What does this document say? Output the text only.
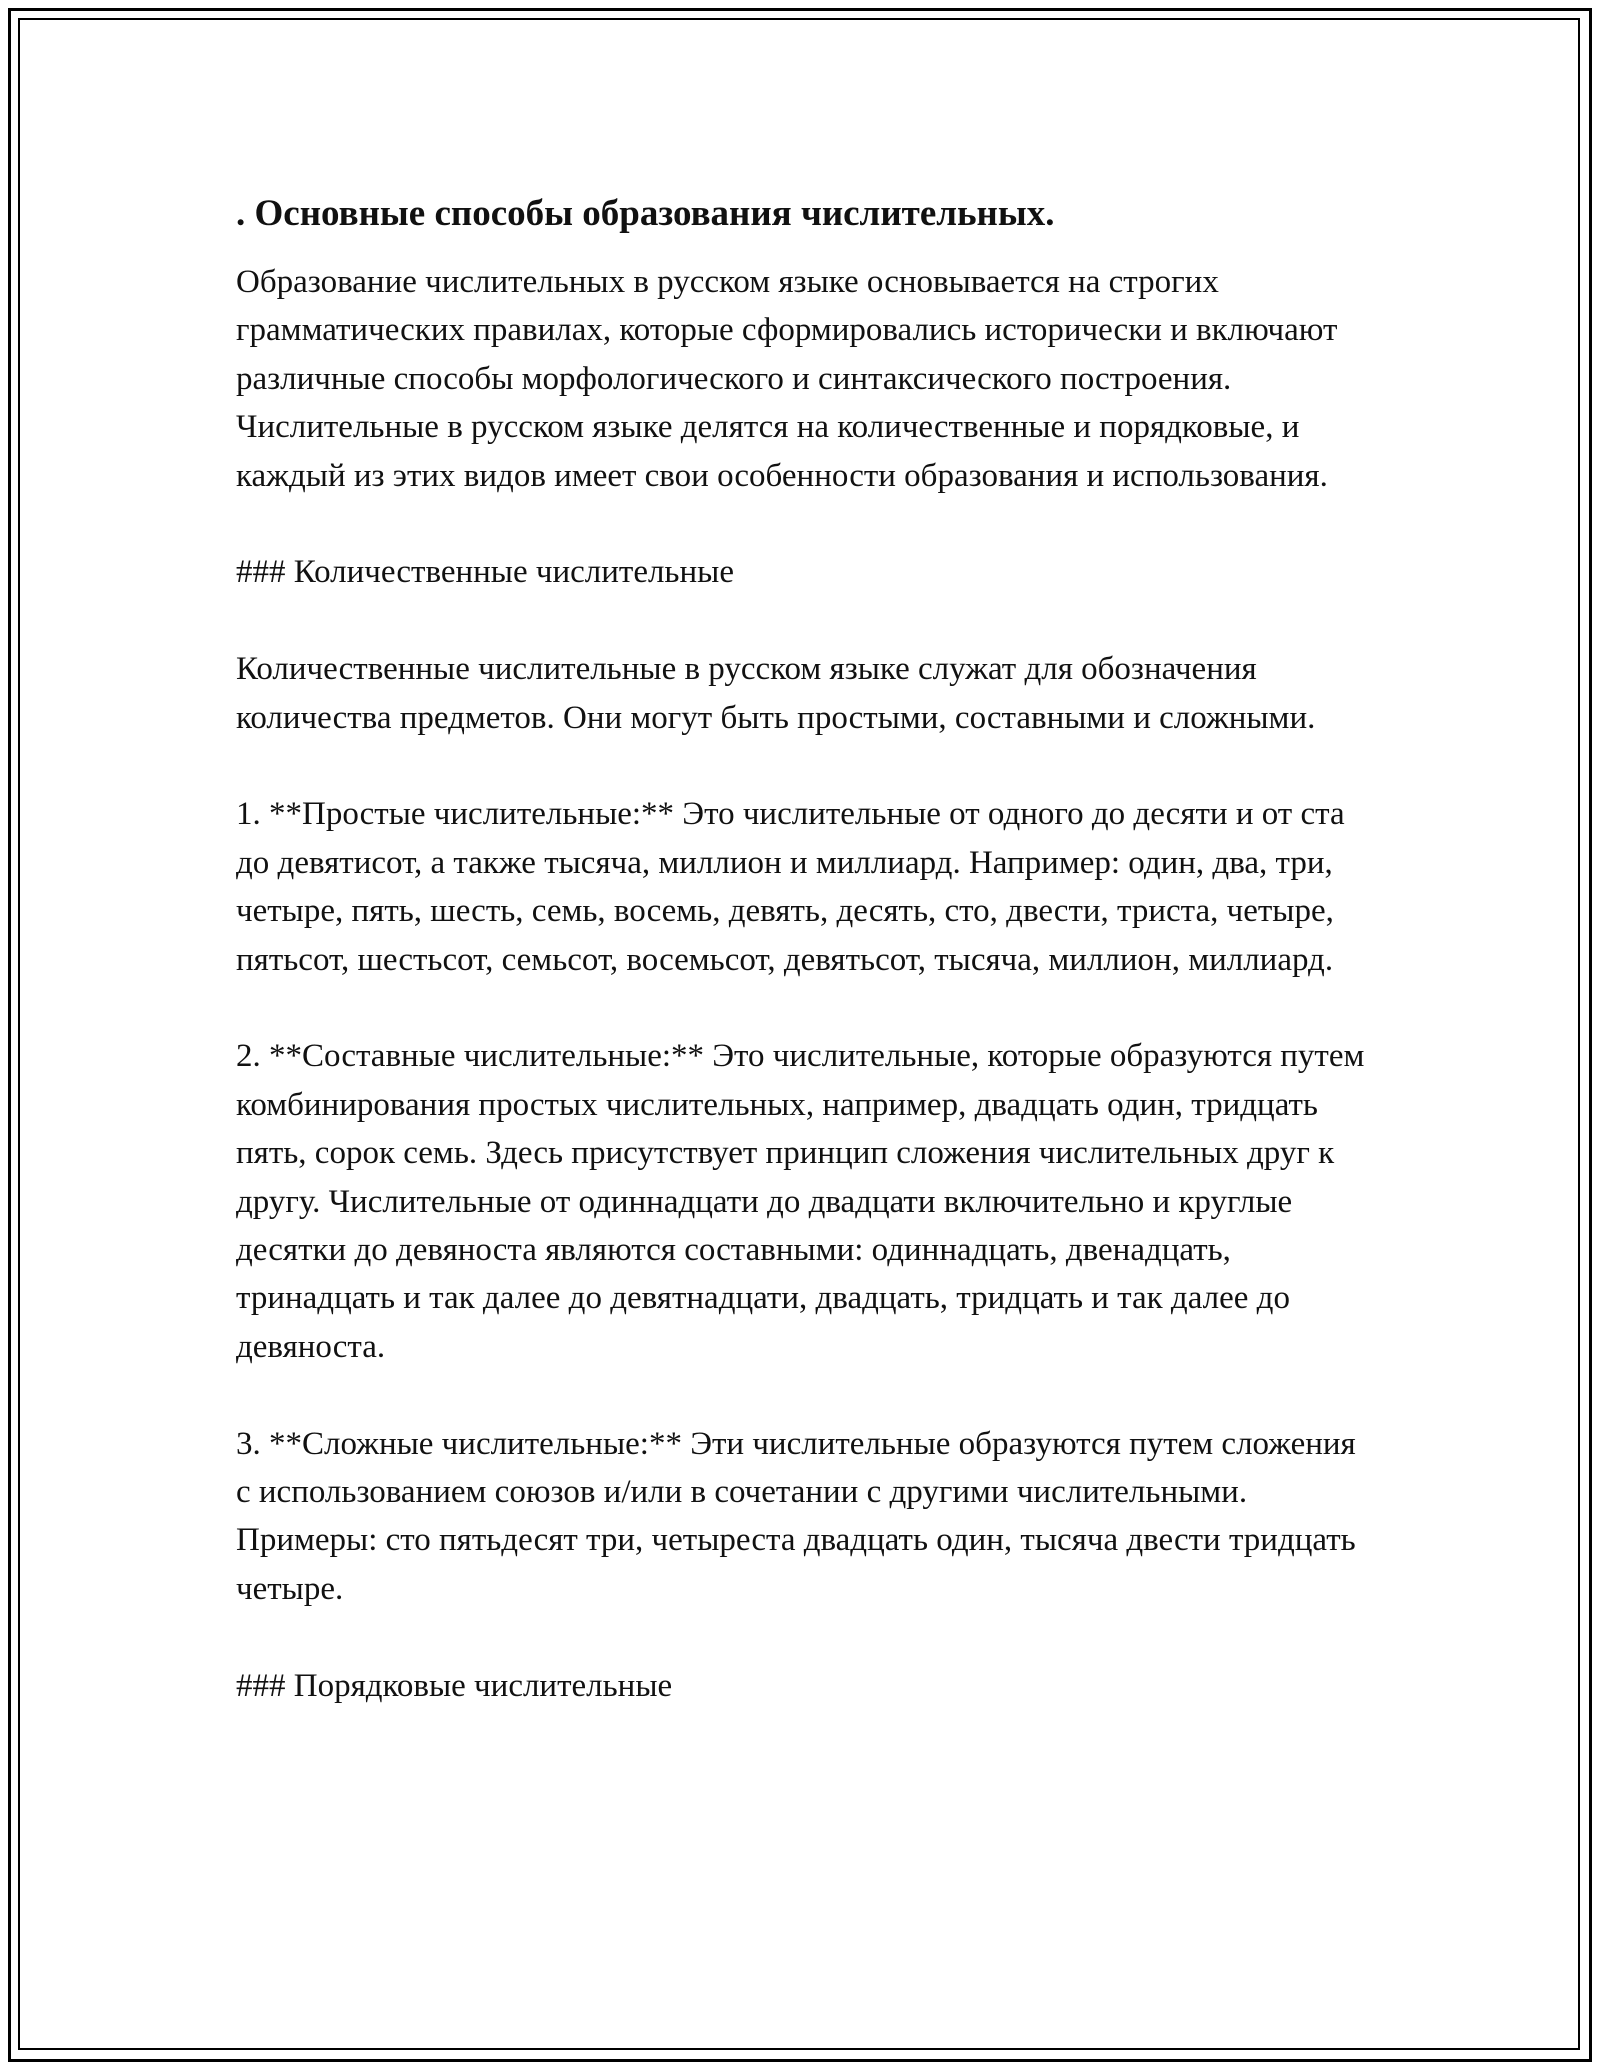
. Основные способы образования числительных.

Образование числительных в русском языке основывается на строгих грамматических правилах, которые сформировались исторически и включают различные способы морфологического и синтаксического построения. Числительные в русском языке делятся на количественные и порядковые, и каждый из этих видов имеет свои особенности образования и использования.

### Количественные числительные

Количественные числительные в русском языке служат для обозначения количества предметов. Они могут быть простыми, составными и сложными.

1. **Простые числительные:** Это числительные от одного до десяти и от ста до девятисот, а также тысяча, миллион и миллиард. Например: один, два, три, четыре, пять, шесть, семь, восемь, девять, десять, сто, двести, триста, четыре, пятьсот, шестьсот, семьсот, восемьсот, девятьсот, тысяча, миллион, миллиард.

2. **Составные числительные:** Это числительные, которые образуются путем комбинирования простых числительных, например, двадцать один, тридцать пять, сорок семь. Здесь присутствует принцип сложения числительных друг к другу. Числительные от одиннадцати до двадцати включительно и круглые десятки до девяноста являются составными: одиннадцать, двенадцать, тринадцать и так далее до девятнадцати, двадцать, тридцать и так далее до девяноста.

3. **Сложные числительные:** Эти числительные образуются путем сложения с использованием союзов и/или в сочетании с другими числительными. Примеры: сто пятьдесят три, четыреста двадцать один, тысяча двести тридцать четыре.

### Порядковые числительные
